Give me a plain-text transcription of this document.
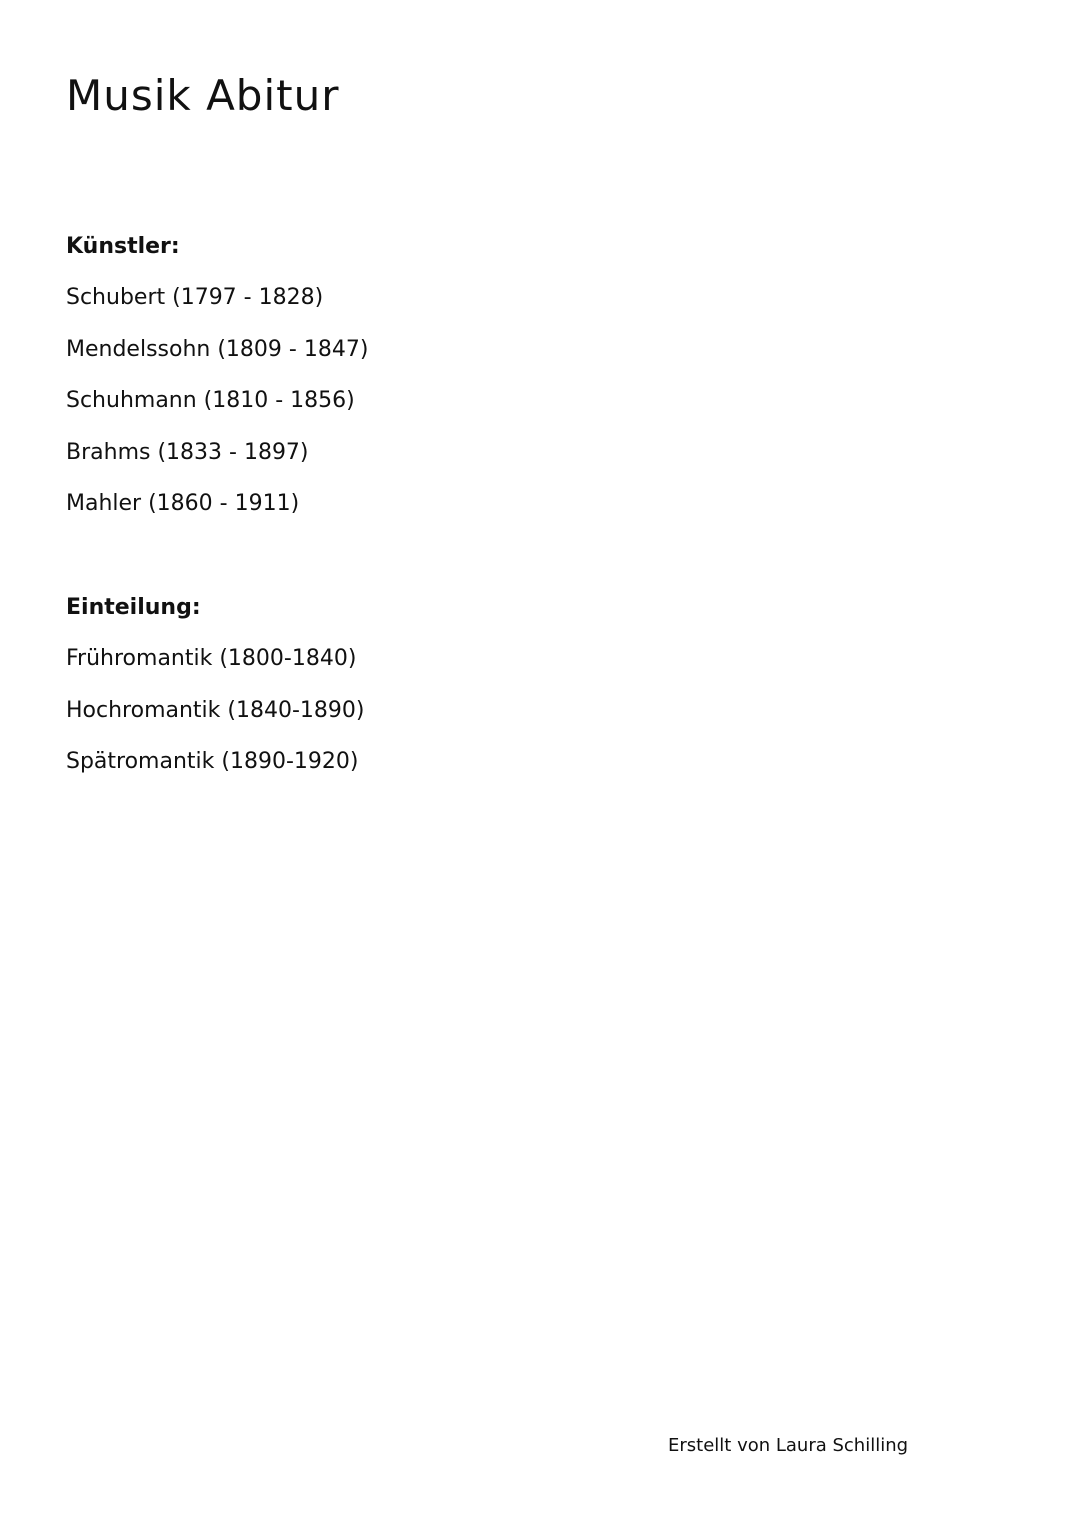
Musik Abitur
Künstler:
Schubert (1797 - 1828)
Mendelssohn (1809 - 1847)
Schuhmann (1810 - 1856)
Brahms (1833 - 1897)
Mahler (1860 - 1911)
Einteilung:
Frühromantik (1800-1840)
Hochromantik (1840-1890)
Spätromantik (1890-1920)
Erstellt von Laura Schilling
